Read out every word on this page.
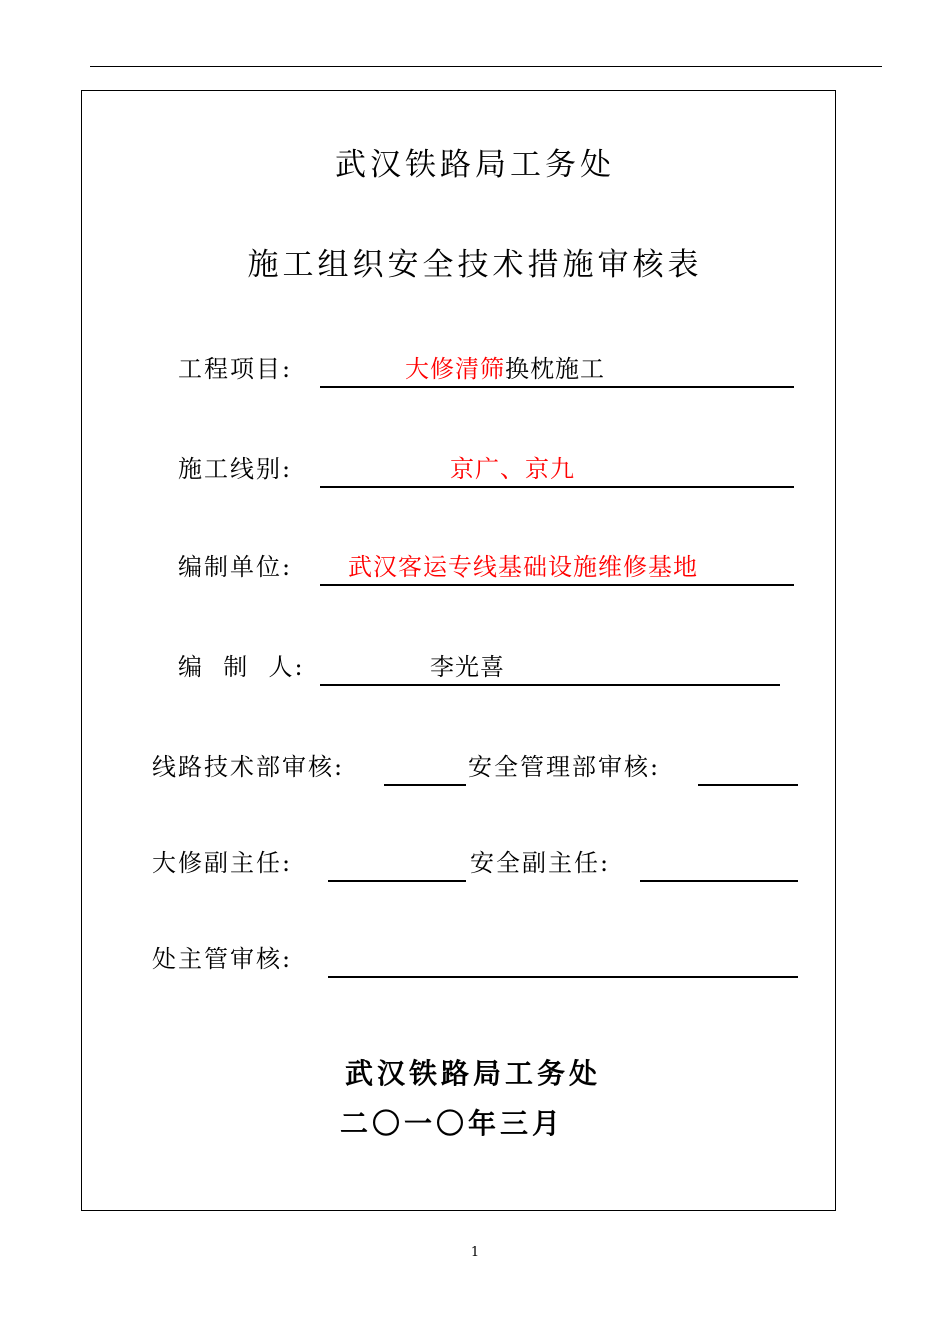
武汉铁路局工务处
施工组织安全技术措施审核表
工程项目:	大修清筛换枕施工
施工线别:	京广、京九
编制单位: 武汉客运专线基础设施维修基地
编  制  人:	李光喜
线路技术部审核:	安全管理部审核:
大修副主任:	安全副主任:
处主管审核:
武汉铁路局工务处
二〇一〇年三月
1
